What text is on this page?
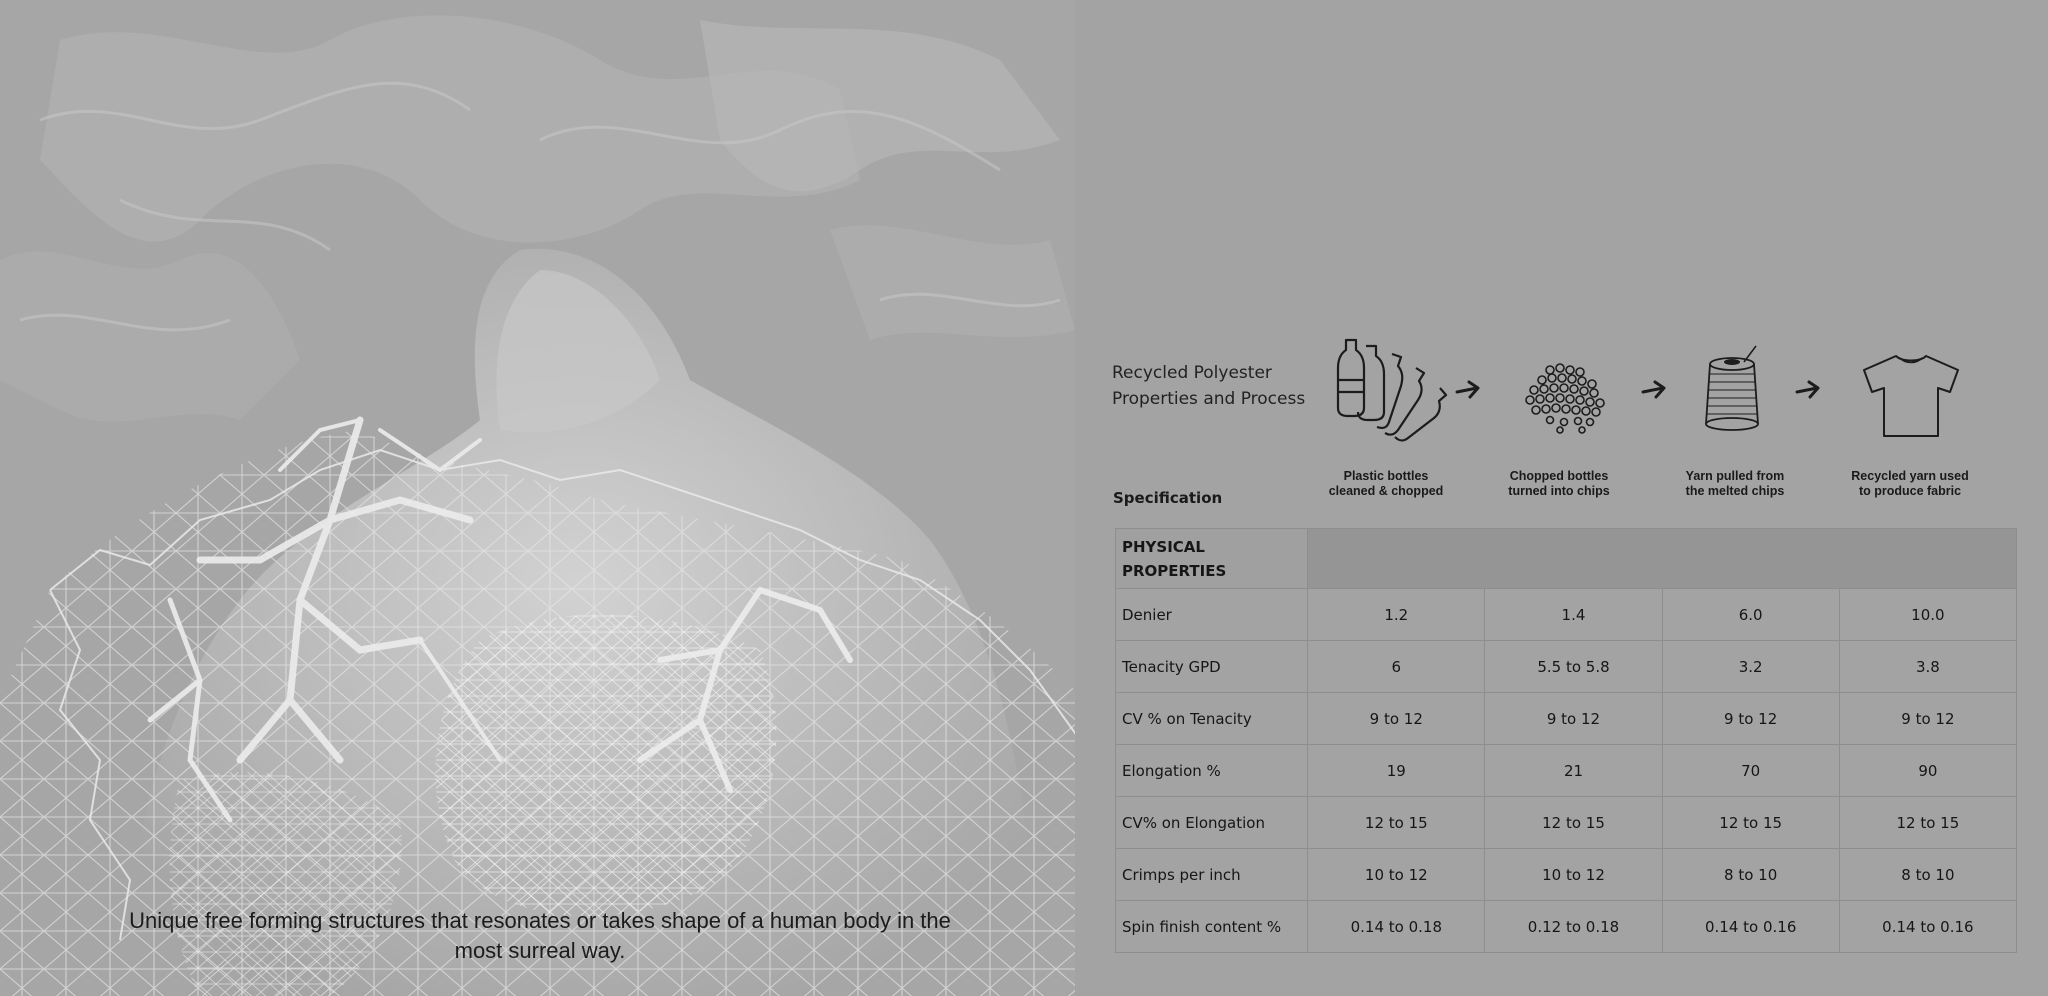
Unique free forming structures that resonates or takes shape of a human body in the most surreal way.
Recycled Polyester
Properties and Process
Plastic bottles
cleaned & chopped
Chopped bottles
turned into chips
Yarn pulled from
the melted chips
Recycled yarn used
to produce fabric
Specification
PHYSICAL
PROPERTIES				

Denier	1.2	1.4	6.0	10.0
Tenacity GPD	6	5.5 to 5.8	3.2	3.8
CV % on Tenacity	9 to 12	9 to 12	9 to 12	9 to 12
Elongation %	19	21	70	90
CV% on Elongation	12 to 15	12 to 15	12 to 15	12 to 15
Crimps per inch	10 to 12	10 to 12	8 to 10	8 to 10
Spin finish content %	0.14 to 0.18	0.12 to 0.18	0.14 to 0.16	0.14 to 0.16
